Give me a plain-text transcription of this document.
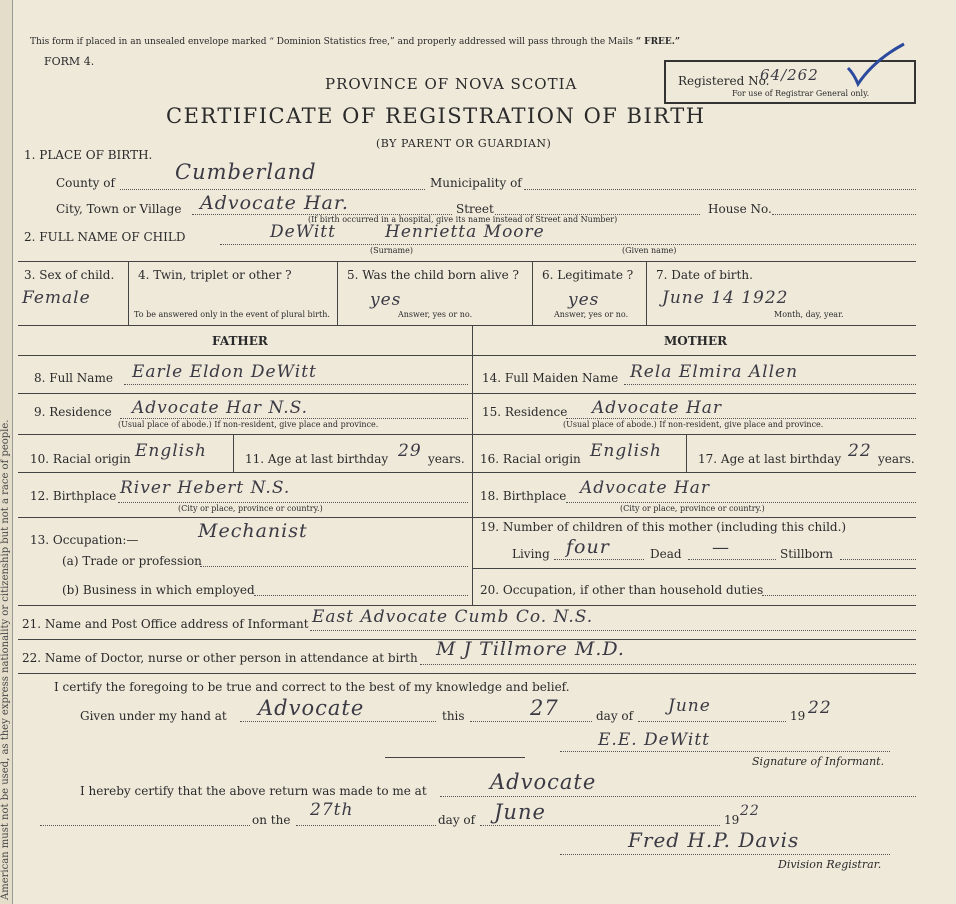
American must not be used, as they express nationality or citizenship but not a race of people.
This form if placed in an unsealed envelope marked “ Dominion Statistics free,” and properly addressed will pass through the Mails “ FREE.”
FORM 4.
PROVINCE OF NOVA SCOTIA
CERTIFICATE OF REGISTRATION OF BIRTH
(BY PARENT OR GUARDIAN)
Registered No.
64/262
For use of Registrar General only.
1. PLACE OF BIRTH.
County of	Cumberland	Municipality of
City, Town or Village Advocate Har.	Street	House No.
(If birth occurred in a hospital, give its name instead of Street and Number)
2. FULL NAME OF CHILD	DeWitt	Henrietta Moore
(Surname)	(Given name)
3. Sex of child.
Female
4. Twin, triplet or other ?
To be answered only in the event of plural birth.
5. Was the child born alive ?
yes
Answer, yes or no.
6. Legitimate ?
yes
Answer, yes or no.
7. Date of birth.
June 14 1922
Month, day, year.
FATHER	MOTHER
8. Full Name Earle Eldon DeWitt
9. Residence Advocate Har N.S.
(Usual place of abode.) If non-resident, give place and province.
10. Racial origin English	11. Age at last birthday 29 years.
12. Birthplace River Hebert N.S.
(City or place, province or country.)
13. Occupation:—	Mechanist
(a) Trade or profession
(b) Business in which employed
14. Full Maiden Name Rela Elmira Allen
15. Residence Advocate Har
(Usual place of abode.) If non-resident, give place and province.
16. Racial origin English	17. Age at last birthday 22 years.
18. Birthplace Advocate Har
(City or place, province or country.)
19. Number of children of this mother (including this child.)
Living four	Dead —	Stillborn
20. Occupation, if other than household duties
21. Name and Post Office address of Informant East Advocate Cumb Co. N.S.
22. Name of Doctor, nurse or other person in attendance at birth M J Tillmore M.D.
I certify the foregoing to be true and correct to the best of my knowledge and belief.
Given under my hand at Advocate	this	27	day of June	19 22
E.E. DeWitt
Signature of Informant.
I hereby certify that the above return was made to me at	Advocate
on the 27th	day of June	19
22
Fred H.P. Davis
Division Registrar.
